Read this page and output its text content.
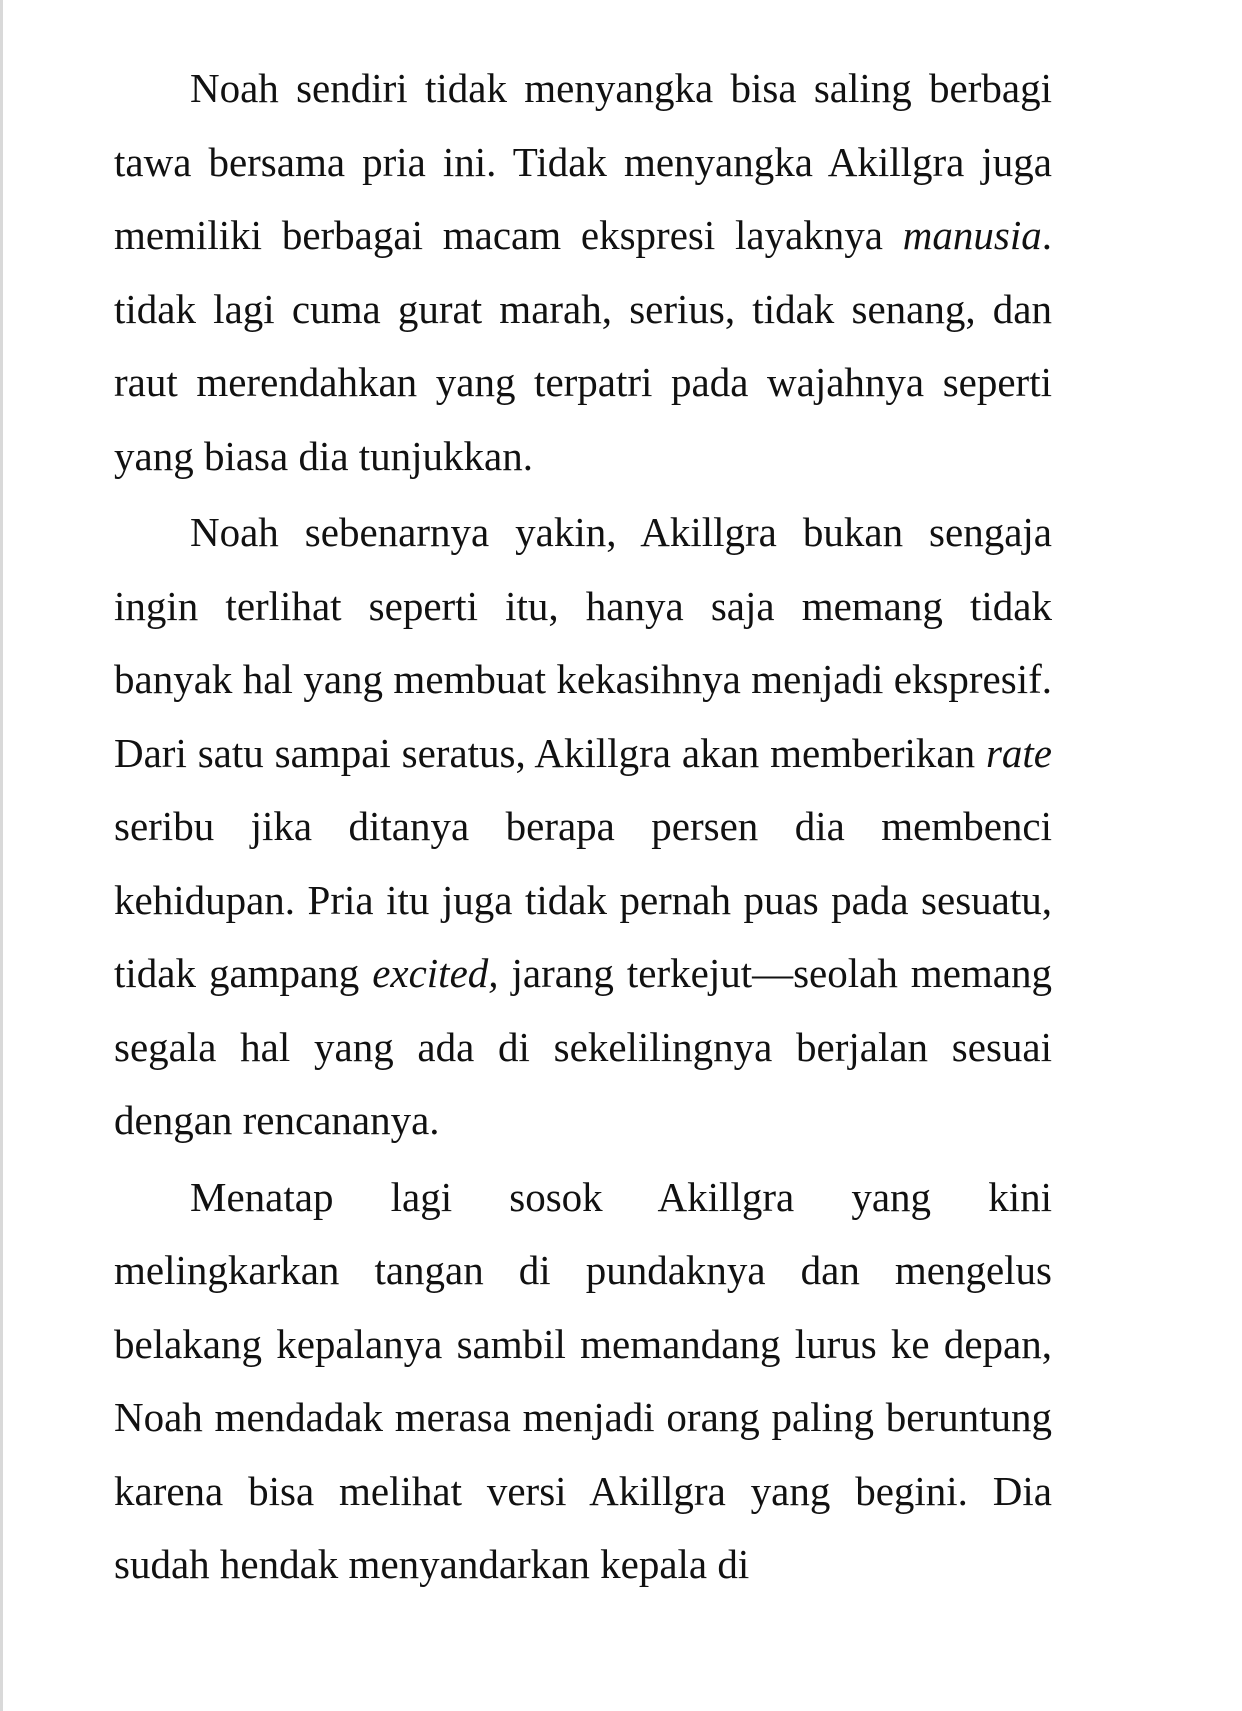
Noah sendiri tidak menyangka bisa saling berbagi tawa bersama pria ini. Tidak menyangka Akillgra juga memiliki berbagai macam ekspresi layaknya manusia. tidak lagi cuma gurat marah, serius, tidak senang, dan raut merendahkan yang terpatri pada wajahnya seperti yang biasa dia tunjukkan.

Noah sebenarnya yakin, Akillgra bukan sengaja ingin terlihat seperti itu, hanya saja memang tidak banyak hal yang membuat kekasihnya menjadi ekspresif. Dari satu sampai seratus, Akillgra akan memberikan rate seribu jika ditanya berapa persen dia membenci kehidupan. Pria itu juga tidak pernah puas pada sesuatu, tidak gampang excited, jarang terkejut—seolah memang segala hal yang ada di sekelilingnya berjalan sesuai dengan rencananya.

Menatap lagi sosok Akillgra yang kini melingkarkan tangan di pundaknya dan mengelus belakang kepalanya sambil memandang lurus ke depan, Noah mendadak merasa menjadi orang paling beruntung karena bisa melihat versi Akillgra yang begini. Dia sudah hendak menyandarkan kepala di
